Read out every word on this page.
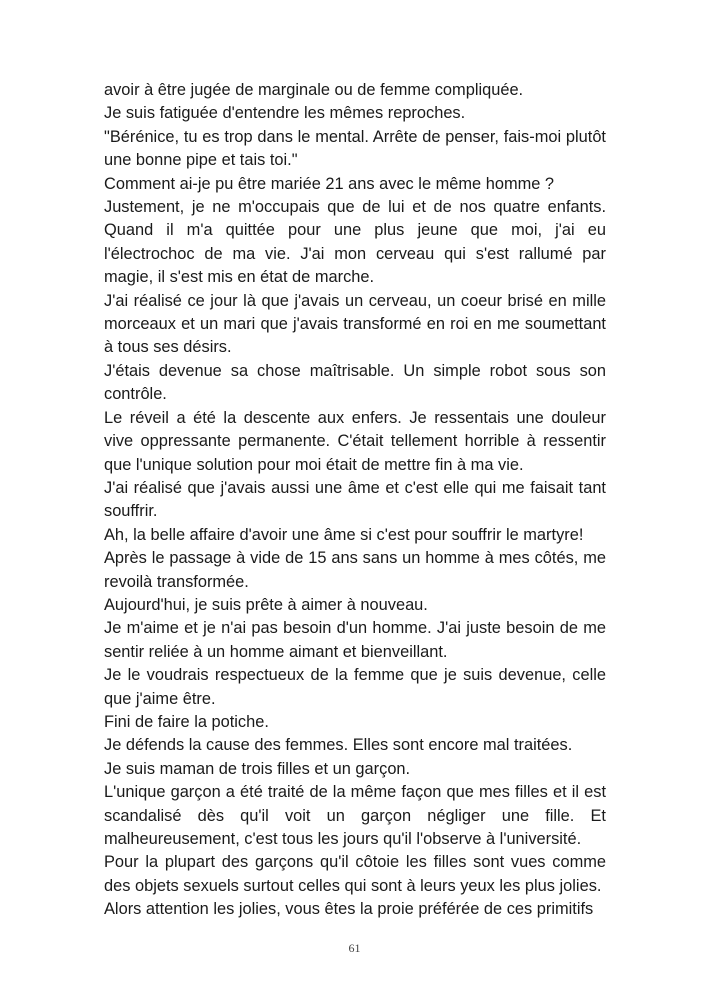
avoir à être jugée de marginale ou de femme compliquée.

Je suis fatiguée d'entendre les mêmes reproches.

"Bérénice, tu es trop dans le mental. Arrête de penser, fais-moi plutôt une bonne pipe et tais toi."

Comment ai-je pu être mariée 21 ans avec le même homme ?

Justement, je ne m'occupais que de lui et de nos quatre enfants. Quand il m'a quittée pour une plus jeune que moi, j'ai eu l'électrochoc de ma vie. J'ai mon cerveau qui s'est rallumé par magie, il s'est mis en état de marche.

J'ai réalisé ce jour là que j'avais un cerveau, un coeur brisé en mille morceaux et un mari que j'avais transformé en roi en me soumettant à tous ses désirs.

J'étais devenue sa chose maîtrisable. Un simple robot sous son contrôle.

Le réveil a été la descente aux enfers. Je ressentais une douleur vive oppressante permanente. C'était tellement horrible à ressentir que l'unique solution pour moi était de mettre fin à ma vie.

J'ai réalisé que j'avais aussi une âme et c'est elle qui me faisait tant souffrir.

Ah, la belle affaire d'avoir une âme si c'est pour souffrir le martyre!

Après le passage à vide de 15 ans sans un homme à mes côtés, me revoilà transformée.

Aujourd'hui, je suis prête à aimer à nouveau.

Je m'aime et je n'ai pas besoin d'un homme. J'ai juste besoin de me sentir reliée à un homme aimant et bienveillant.

Je le voudrais respectueux de la femme que je suis devenue, celle que j'aime être.

Fini de faire la potiche.

Je défends la cause des femmes. Elles sont encore mal traitées.

Je suis maman de trois filles et un garçon.

L'unique garçon a été traité de la même façon que mes filles et il est scandalisé dès qu'il voit un garçon négliger une fille. Et malheureusement, c'est tous les jours qu'il l'observe à l'université.

Pour la plupart des garçons qu'il côtoie les filles sont vues comme des objets sexuels surtout celles qui sont à leurs yeux les plus jolies.

Alors attention les jolies, vous êtes la proie préférée de ces primitifs

61
